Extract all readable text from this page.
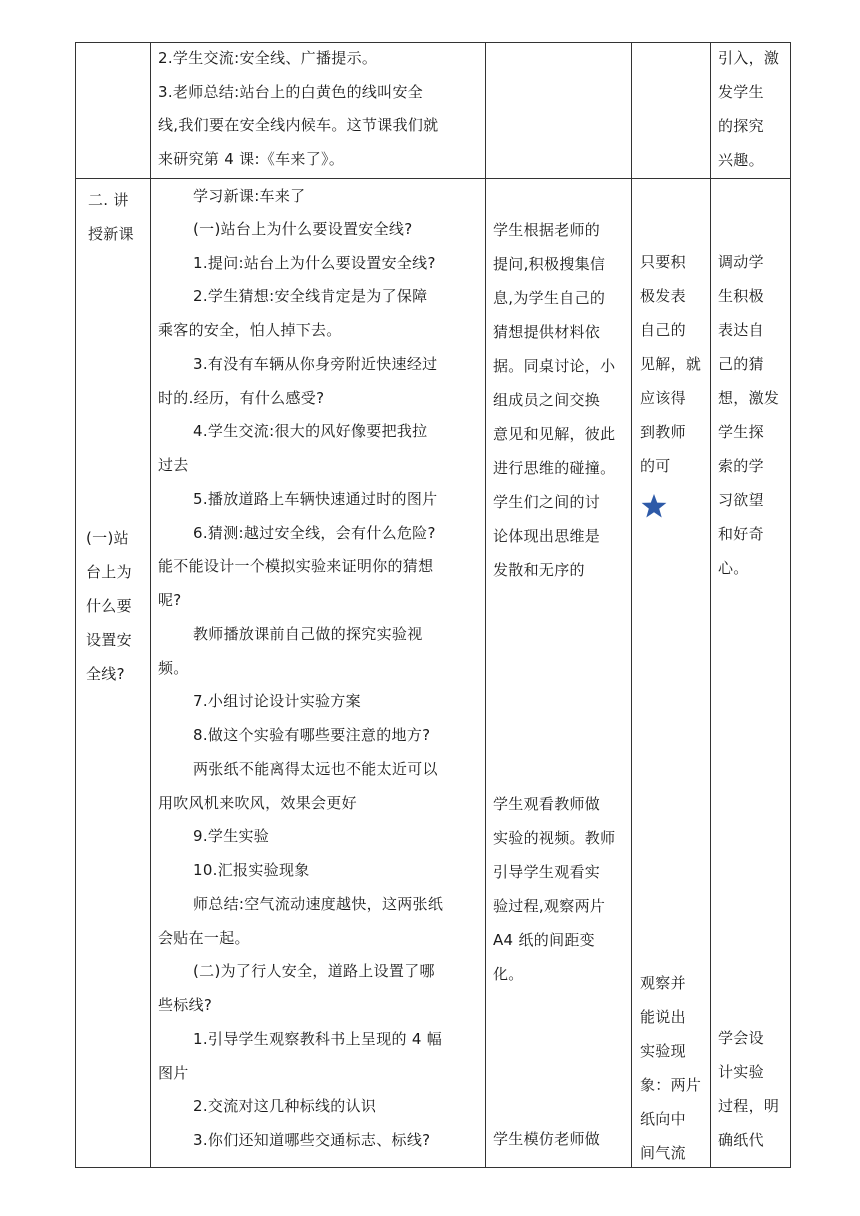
2.学生交流:安全线、广播提示。
3.老师总结:站台上的白黄色的线叫安全
线,我们要在安全线内候车。这节课我们就
来研究第 4 课:《车来了》。
引入，激
发学生
的探究
兴趣。
二. 讲
授新课
(一)站
台上为
什么要
设置安
全线?
学习新课:车来了
(一)站台上为什么要设置安全线?
1.提问:站台上为什么要设置安全线?
2.学生猜想:安全线肯定是为了保障
乘客的安全，怕人掉下去。
3.有没有车辆从你身旁附近快速经过
时的.经历，有什么感受?
4.学生交流:很大的风好像要把我拉
过去
5.播放道路上车辆快速通过时的图片
6.猜测:越过安全线，会有什么危险?
能不能设计一个模拟实验来证明你的猜想
呢?
教师播放课前自己做的探究实验视
频。
7.小组讨论设计实验方案
8.做这个实验有哪些要注意的地方?
两张纸不能离得太远也不能太近可以
用吹风机来吹风，效果会更好
9.学生实验
10.汇报实验现象
师总结:空气流动速度越快，这两张纸
会贴在一起。
(二)为了行人安全，道路上设置了哪
些标线?
1.引导学生观察教科书上呈现的 4 幅
图片
2.交流对这几种标线的认识
3.你们还知道哪些交通标志、标线?
学生根据老师的
提问,积极搜集信
息,为学生自己的
猜想提供材料依
据。同桌讨论，小
组成员之间交换
意见和见解，彼此
进行思维的碰撞。
学生们之间的讨
论体现出思维是
发散和无序的
学生观看教师做
实验的视频。教师
引导学生观看实
验过程,观察两片
A4 纸的间距变
化。
学生模仿老师做
只要积
极发表
自己的
见解，就
应该得
到教师
的可
观察并
能说出
实验现
象：两片
纸向中
间气流
调动学
生积极
表达自
己的猜
想，激发
学生探
索的学
习欲望
和好奇
心。
学会设
计实验
过程，明
确纸代
